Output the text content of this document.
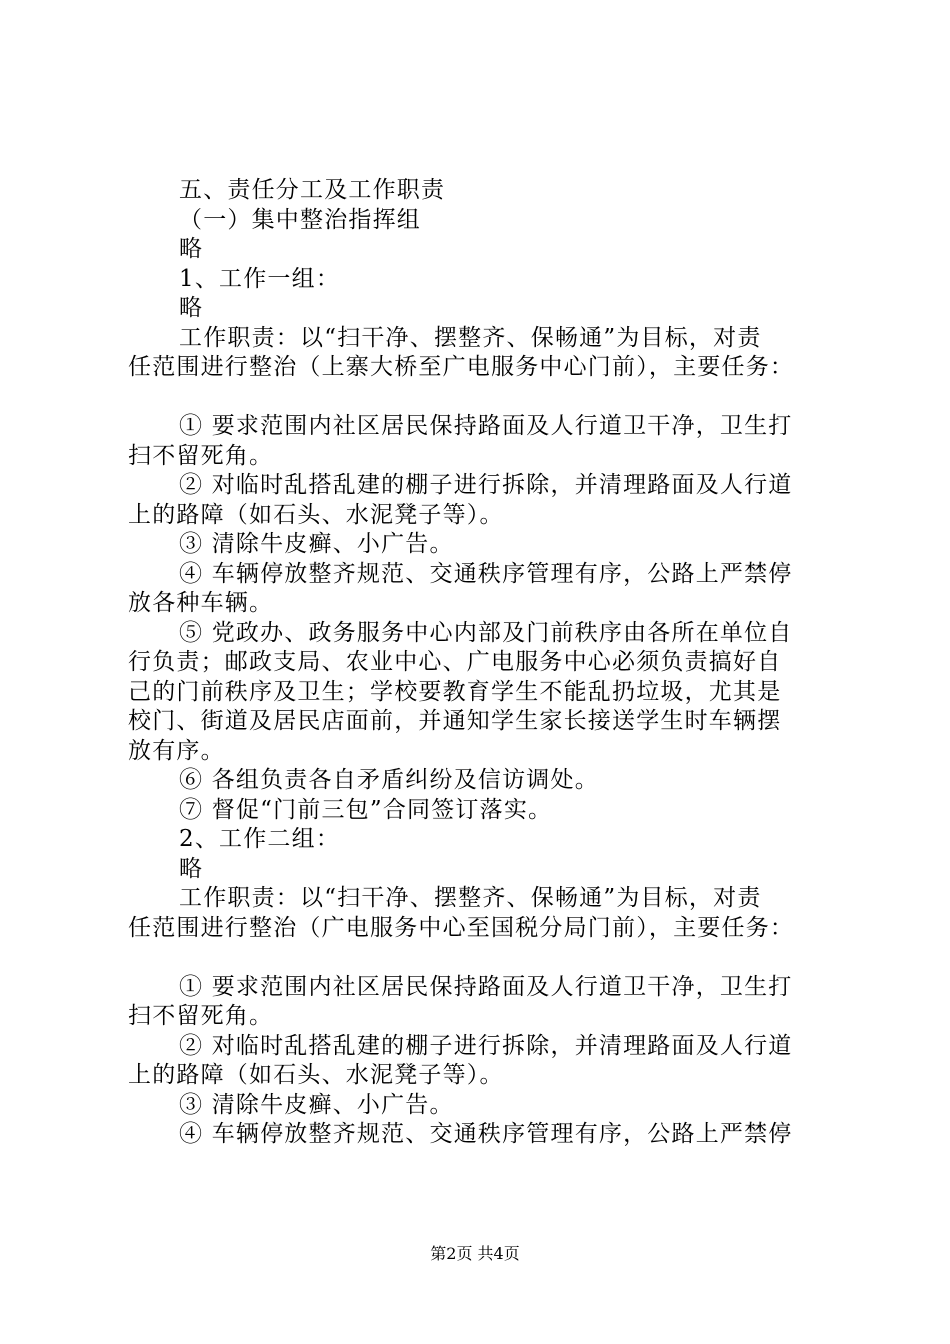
五、责任分工及工作职责
（一）集中整治指挥组
略
1、工作一组：
略
工作职责：以“扫干净、摆整齐、保畅通”为目标，对责
任范围进行整治（上寨大桥至广电服务中心门前），主要任务：
① 要求范围内社区居民保持路面及人行道卫干净，卫生打
扫不留死角。
② 对临时乱搭乱建的棚子进行拆除，并清理路面及人行道
上的路障（如石头、水泥凳子等）。
③ 清除牛皮癣、小广告。
④ 车辆停放整齐规范、交通秩序管理有序，公路上严禁停
放各种车辆。
⑤ 党政办、政务服务中心内部及门前秩序由各所在单位自
行负责；邮政支局、农业中心、广电服务中心必须负责搞好自
己的门前秩序及卫生；学校要教育学生不能乱扔垃圾，尤其是
校门、街道及居民店面前，并通知学生家长接送学生时车辆摆
放有序。
⑥ 各组负责各自矛盾纠纷及信访调处。
⑦ 督促“门前三包”合同签订落实。
2、工作二组：
略
工作职责：以“扫干净、摆整齐、保畅通”为目标，对责
任范围进行整治（广电服务中心至国税分局门前），主要任务：
① 要求范围内社区居民保持路面及人行道卫干净，卫生打
扫不留死角。
② 对临时乱搭乱建的棚子进行拆除，并清理路面及人行道
上的路障（如石头、水泥凳子等）。
③ 清除牛皮癣、小广告。
④ 车辆停放整齐规范、交通秩序管理有序，公路上严禁停
第2页 共4页
